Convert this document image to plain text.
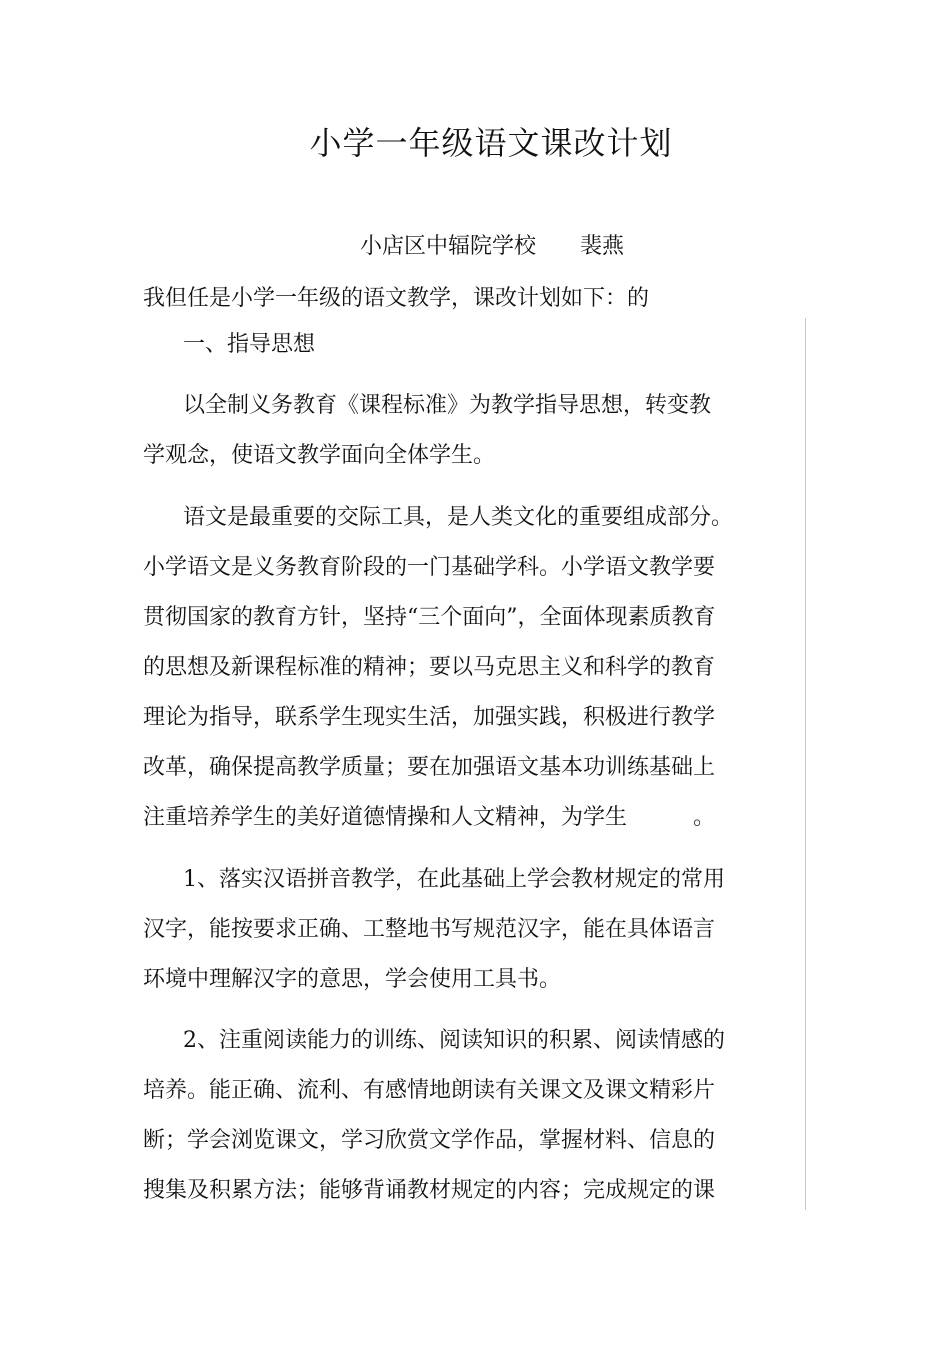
小学一年级语文课改计划
小店区中辐院学校 裴燕
我但任是小学一年级的语文教学，课改计划如下：的
一、指导思想
以全制义务教育《课程标准》为教学指导思想，转变教
学观念，使语文教学面向全体学生。
语文是最重要的交际工具，是人类文化的重要组成部分。
小学语文是义务教育阶段的一门基础学科。小学语文教学要
贯彻国家的教育方针，坚持“三个面向”，全面体现素质教育
的思想及新课程标准的精神；要以马克思主义和科学的教育
理论为指导，联系学生现实生活，加强实践，积极进行教学
改革，确保提高教学质量；要在加强语文基本功训练基础上
注重培养学生的美好道德情操和人文精神，为学生　　　。
1、落实汉语拼音教学，在此基础上学会教材规定的常用
汉字，能按要求正确、工整地书写规范汉字，能在具体语言
环境中理解汉字的意思，学会使用工具书。
2、注重阅读能力的训练、阅读知识的积累、阅读情感的
培养。能正确、流利、有感情地朗读有关课文及课文精彩片
断；学会浏览课文，学习欣赏文学作品，掌握材料、信息的
搜集及积累方法；能够背诵教材规定的内容；完成规定的课
